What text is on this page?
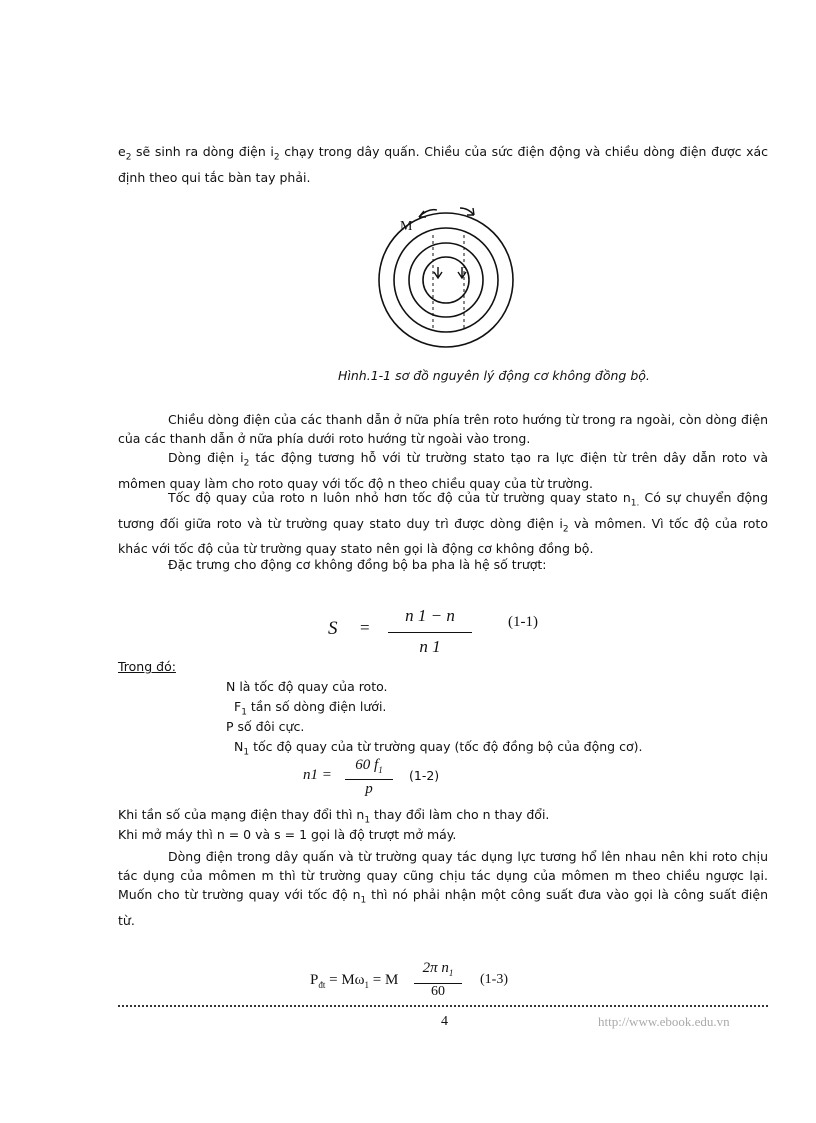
$e_2$ sẽ sinh ra dòng điện $i_2$ chạy trong dây quấn. Chiều của sức điện động và chiều dòng điện được xác định theo qui tắc bàn tay phải.
M
Hình.1-1 sơ đồ nguyên lý động cơ không đồng bộ.
Chiều dòng điện của các thanh dẫn ở nữa phía trên roto hướng từ trong ra ngoài, còn dòng điện của các thanh dẫn ở nữa phía dưới roto hướng từ ngoài vào trong.
Dòng điện $i_2$ tác động tương hỗ với từ trường stato tạo ra lực điện từ trên dây dẫn roto và mômen quay làm cho roto quay với tốc độ n theo chiều quay của từ trường.
Tốc độ quay của roto n luôn nhỏ hơn tốc độ của từ trường quay stato $n_{1.}$ Có sự chuyển động tương đối giữa roto và từ trường quay stato duy trì được dòng điện $i_2$ và mômen. Vì tốc độ của roto khác với tốc độ của từ trường quay stato nên gọi là động cơ không đồng bộ.
Đặc trưng cho động cơ không đồng bộ ba pha là hệ số trượt:
S =
n 1 − n
n 1
(1-1)
Trong đó:
N là tốc độ quay của roto.
$F_1$ tần số dòng điện lưới.
P số đôi cực.
$N_1$ tốc độ quay của từ trường quay (tốc độ đồng bộ của động cơ).
n1 =
60 $f_1$
p
(1-2)
Khi tần số của mạng điện thay đổi thì $n_1$ thay đổi làm cho n thay đổi.
Khi mở máy thì n = 0 và s = 1 gọi là độ trượt mở máy.
Dòng điện trong dây quấn và từ trường quay tác dụng lực tương hổ lên nhau nên khi roto chịu tác dụng của mômen m thì từ trường quay cũng chịu tác dụng của mômen m theo chiều ngược lại. Muốn cho từ trường quay với tốc độ $n_1$ thì nó phải nhận một công suất đưa vào gọi là công suất điện từ.
$P_{đt} = M\omega_1 = M$
2π $n_1$
60
(1-3)
4	http://www.ebook.edu.vn
